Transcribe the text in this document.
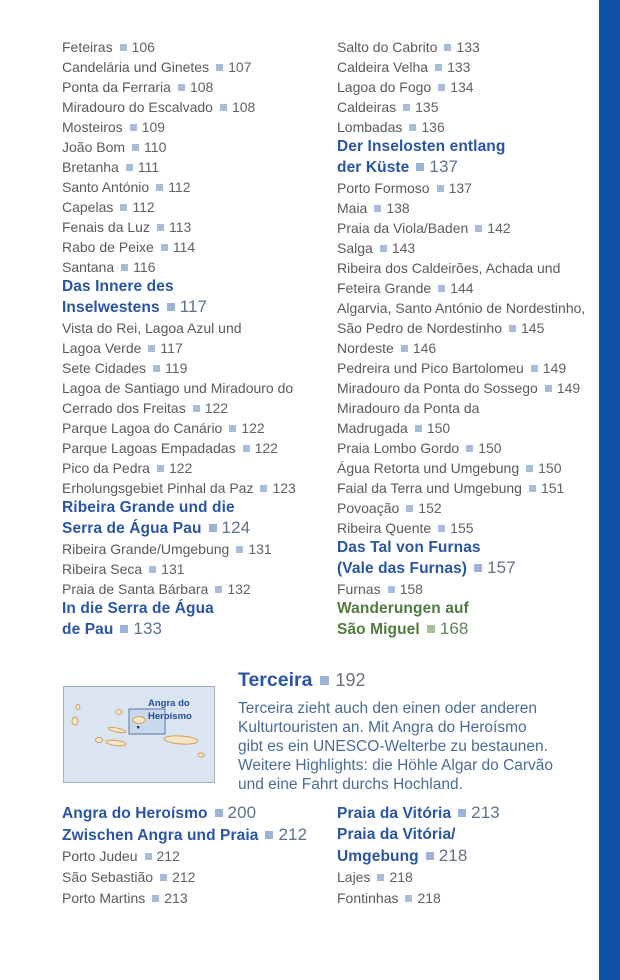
Feteiras 106
Candelária und Ginetes 107
Ponta da Ferraria 108
Miradouro do Escalvado 108
Mosteiros 109
João Bom 110
Bretanha 111
Santo António 112
Capelas 112
Fenais da Luz 113
Rabo de Peixe 114
Santana 116
Das Innere des
Inselwestens 117
Vista do Rei, Lagoa Azul und
Lagoa Verde 117
Sete Cidades 119
Lagoa de Santiago und Miradouro do
Cerrado dos Freitas 122
Parque Lagoa do Canário 122
Parque Lagoas Empadadas 122
Pico da Pedra 122
Erholungsgebiet Pinhal da Paz 123
Ribeira Grande und die
Serra de Água Pau 124
Ribeira Grande/Umgebung 131
Ribeira Seca 131
Praia de Santa Bárbara 132
In die Serra de Água
de Pau 133
Salto do Cabrito 133
Caldeira Velha 133
Lagoa do Fogo 134
Caldeiras 135
Lombadas 136
Der Inselosten entlang
der Küste 137
Porto Formoso 137
Maia 138
Praia da Viola/Baden 142
Salga 143
Ribeira dos Caldeirões, Achada und
Feteira Grande 144
Algarvia, Santo António de Nordestinho,
São Pedro de Nordestinho 145
Nordeste 146
Pedreira und Pico Bartolomeu 149
Miradouro da Ponta do Sossego 149
Miradouro da Ponta da
Madrugada 150
Praia Lombo Gordo 150
Água Retorta und Umgebung 150
Faial da Terra und Umgebung 151
Povoação 152
Ribeira Quente 155
Das Tal von Furnas
(Vale das Furnas) 157
Furnas 158
Wanderungen auf
São Miguel 168
Angra do
Heroísmo
Terceira 192
Terceira zieht auch den einen oder anderen
Kulturtouristen an. Mit Angra do Heroísmo
gibt es ein UNESCO-Welterbe zu bestaunen.
Weitere Highlights: die Höhle Algar do Carvão
und eine Fahrt durchs Hochland.
Angra do Heroísmo 200
Zwischen Angra und Praia 212
Porto Judeu 212
São Sebastião 212
Porto Martins 213
Praia da Vitória 213
Praia da Vitória/
Umgebung 218
Lajes 218
Fontinhas 218
